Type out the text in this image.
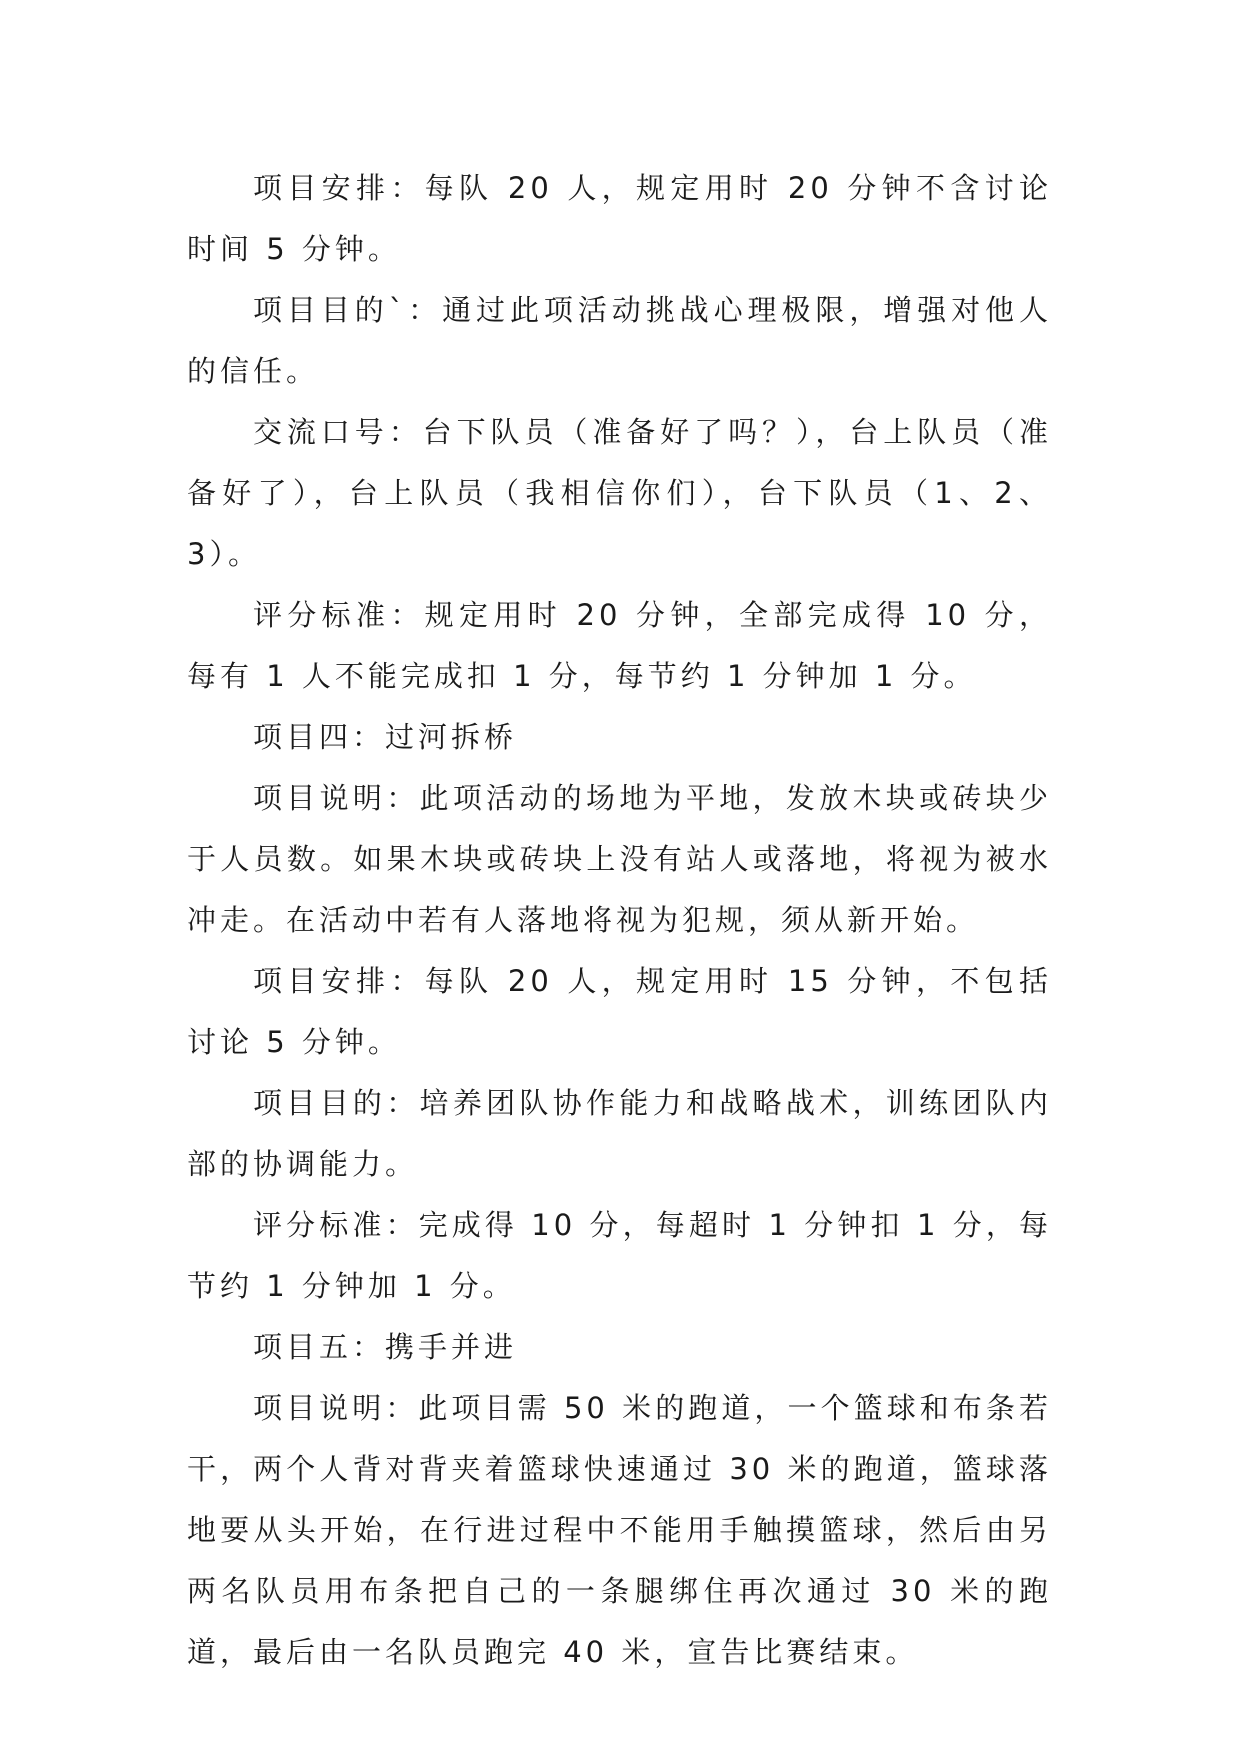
项目安排：每队 20 人，规定用时 20 分钟不含讨论时间 5 分钟。

项目目的`：通过此项活动挑战心理极限，增强对他人的信任。

交流口号：台下队员（准备好了吗？），台上队员（准备好了），台上队员（我相信你们），台下队员（1、2、3）。

评分标准：规定用时 20 分钟，全部完成得 10 分，每有 1 人不能完成扣 1 分，每节约 1 分钟加 1 分。

项目四：过河拆桥

项目说明：此项活动的场地为平地，发放木块或砖块少于人员数。如果木块或砖块上没有站人或落地，将视为被水冲走。在活动中若有人落地将视为犯规，须从新开始。

项目安排：每队 20 人，规定用时 15 分钟，不包括讨论 5 分钟。

项目目的：培养团队协作能力和战略战术，训练团队内部的协调能力。

评分标准：完成得 10 分，每超时 1 分钟扣 1 分，每节约 1 分钟加 1 分。

项目五：携手并进

项目说明：此项目需 50 米的跑道，一个篮球和布条若干，两个人背对背夹着篮球快速通过 30 米的跑道，篮球落地要从头开始，在行进过程中不能用手触摸篮球，然后由另两名队员用布条把自己的一条腿绑住再次通过 30 米的跑道，最后由一名队员跑完 40 米，宣告比赛结束。
